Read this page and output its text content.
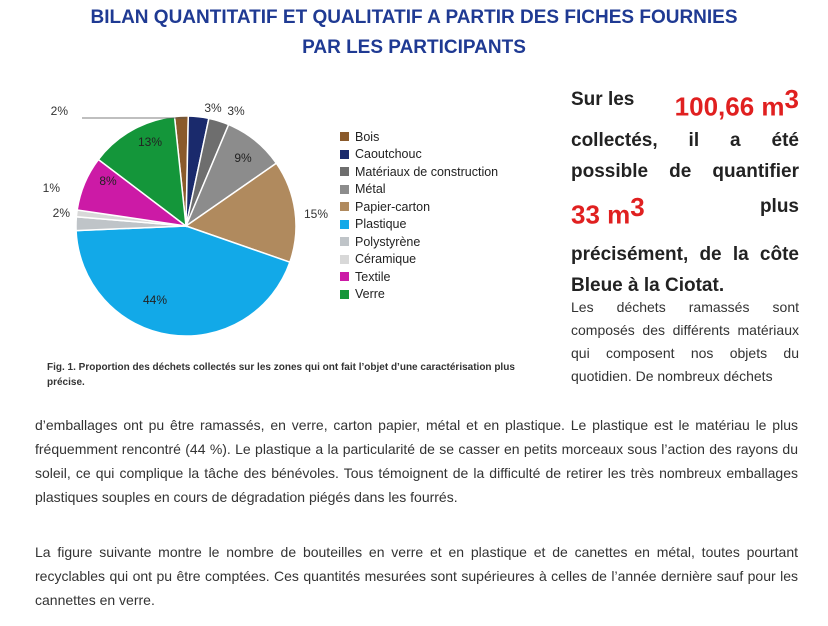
BILAN QUANTITATIF ET QUALITATIF A PARTIR DES FICHES FOURNIES
PAR LES PARTICIPANTS
2%	3% 3%
9%
15%
44%
2%
1%	8%
13%	Bois
Caoutchouc
Matériaux de construction
Métal
Papier-carton
Plastique
Polystyrène
Céramique
Textile
Verre
Fig. 1. Proportion des déchets collectés sur les zones qui ont fait l’objet d’une caractérisation plus précise.
Sur les 100,66 $m^3$
collectés, il a été
possible de quantifier
33 $m^3$	plus
précisément, de la côte
Bleue à la Ciotat.
Les déchets ramassés sont composés des différents matériaux qui composent nos objets du quotidien. De nombreux déchets
d’emballages ont pu être ramassés, en verre, carton papier, métal et en plastique. Le plastique est le matériau le plus fréquemment rencontré (44 %). Le plastique a la particularité de se casser en petits morceaux sous l’action des rayons du soleil, ce qui complique la tâche des bénévoles. Tous témoignent de la difficulté de retirer les très nombreux emballages plastiques souples en cours de dégradation piégés dans les fourrés.
La figure suivante montre le nombre de bouteilles en verre et en plastique et de canettes en métal, toutes pourtant recyclables qui ont pu être comptées. Ces quantités mesurées sont supérieures à celles de l’année dernière sauf pour les cannettes en verre.
